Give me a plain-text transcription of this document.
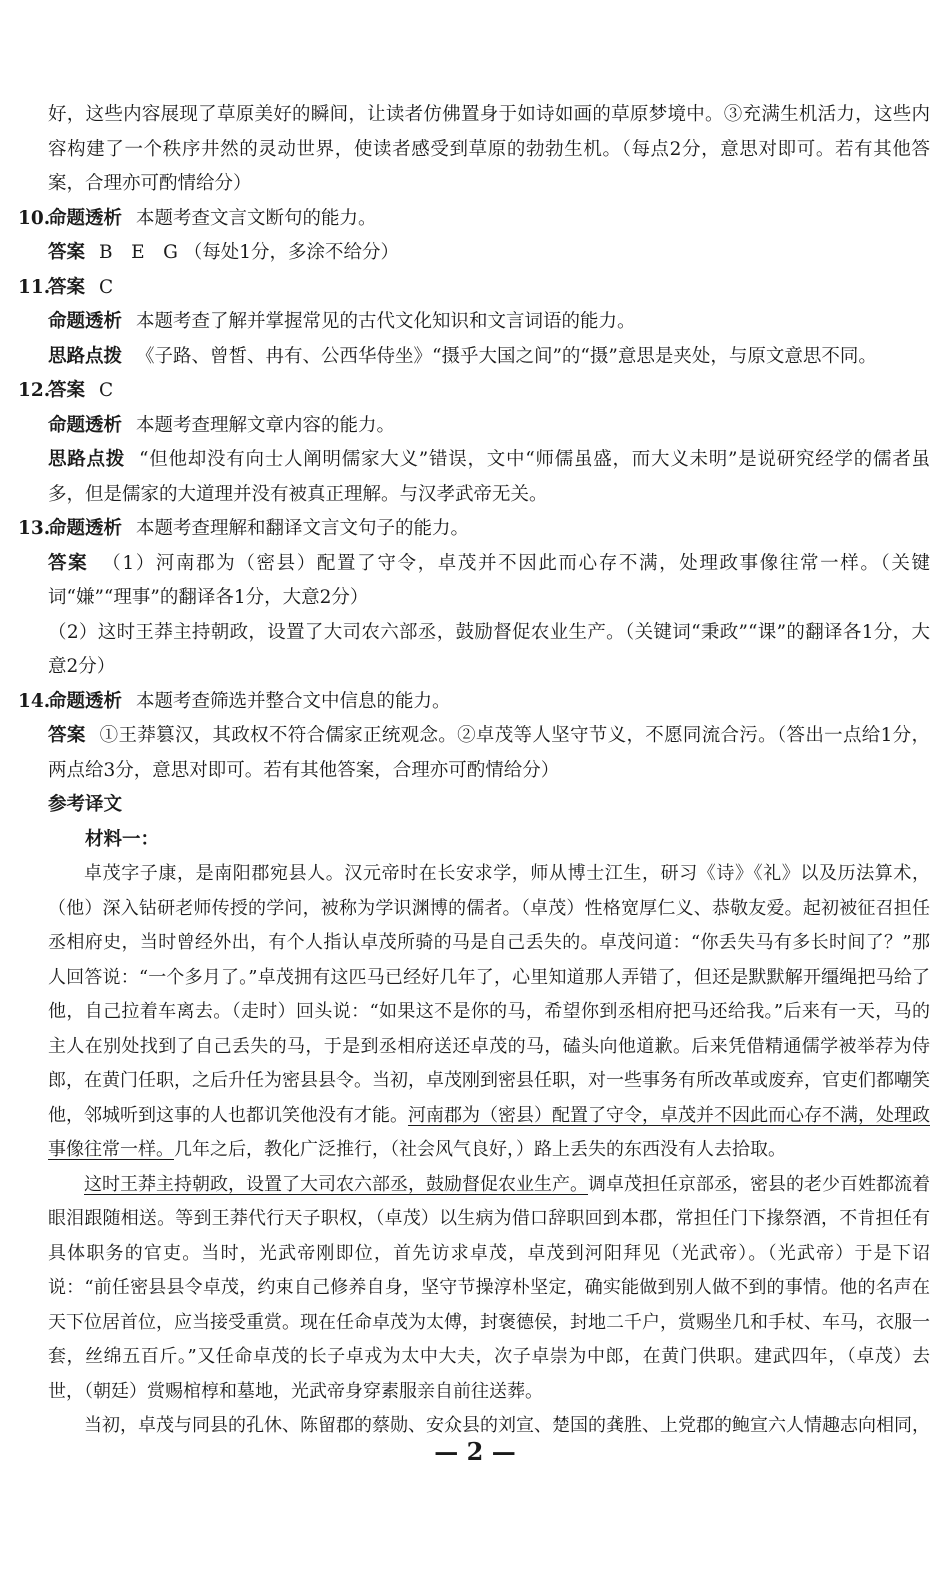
好，这些内容展现了草原美好的瞬间，让读者仿佛置身于如诗如画的草原梦境中。③充满生机活力，这些内容构建了一个秩序井然的灵动世界，使读者感受到草原的勃勃生机。（每点2分，意思对即可。若有其他答案，合理亦可酌情给分）

10.
命题透析 本题考查文言文断句的能力。

答案 B　E　G （每处1分，多涂不给分）

11.
答案 C

命题透析 本题考查了解并掌握常见的古代文化知识和文言词语的能力。

思路点拨 《子路、曾皙、冉有、公西华侍坐》“摄乎大国之间”的“摄”意思是夹处，与原文意思不同。

12.
答案 C

命题透析 本题考查理解文章内容的能力。

思路点拨 “但他却没有向士人阐明儒家大义”错误，文中“师儒虽盛，而大义未明”是说研究经学的儒者虽多，但是儒家的大道理并没有被真正理解。与汉孝武帝无关。

13.
命题透析 本题考查理解和翻译文言文句子的能力。

答案 （1）河南郡为（密县）配置了守令，卓茂并不因此而心存不满，处理政事像往常一样。（关键词“嫌”“理事”的翻译各1分，大意2分）

（2）这时王莽主持朝政，设置了大司农六部丞，鼓励督促农业生产。（关键词“秉政”“课”的翻译各1分，大意2分）

14.
命题透析 本题考查筛选并整合文中信息的能力。

答案 ①王莽篡汉，其政权不符合儒家正统观念。②卓茂等人坚守节义，不愿同流合污。（答出一点给1分，两点给3分，意思对即可。若有其他答案，合理亦可酌情给分）

参考译文

材料一：

卓茂字子康，是南阳郡宛县人。汉元帝时在长安求学，师从博士江生，研习《诗》《礼》以及历法算术，（他）深入钻研老师传授的学问，被称为学识渊博的儒者。（卓茂）性格宽厚仁义、恭敬友爱。起初被征召担任丞相府史，当时曾经外出，有个人指认卓茂所骑的马是自己丢失的。卓茂问道：“你丢失马有多长时间了？”那人回答说：“一个多月了。”卓茂拥有这匹马已经好几年了，心里知道那人弄错了，但还是默默解开缰绳把马给了他，自己拉着车离去。（走时）回头说：“如果这不是你的马，希望你到丞相府把马还给我。”后来有一天，马的主人在别处找到了自己丢失的马，于是到丞相府送还卓茂的马，磕头向他道歉。后来凭借精通儒学被举荐为侍郎，在黄门任职，之后升任为密县县令。当初，卓茂刚到密县任职，对一些事务有所改革或废弃，官吏们都嘲笑他，邻城听到这事的人也都讥笑他没有才能。河南郡为（密县）配置了守令，卓茂并不因此而心存不满，处理政事像往常一样。几年之后，教化广泛推行，（社会风气良好，）路上丢失的东西没有人去拾取。

这时王莽主持朝政，设置了大司农六部丞，鼓励督促农业生产。调卓茂担任京部丞，密县的老少百姓都流着眼泪跟随相送。等到王莽代行天子职权，（卓茂）以生病为借口辞职回到本郡，常担任门下掾祭酒，不肯担任有具体职务的官吏。当时，光武帝刚即位，首先访求卓茂，卓茂到河阳拜见（光武帝）。（光武帝）于是下诏说：“前任密县县令卓茂，约束自己修养自身，坚守节操淳朴坚定，确实能做到别人做不到的事情。他的名声在天下位居首位，应当接受重赏。现在任命卓茂为太傅，封褒德侯，封地二千户，赏赐坐几和手杖、车马，衣服一套，丝绵五百斤。”又任命卓茂的长子卓戎为太中大夫，次子卓崇为中郎，在黄门供职。建武四年，（卓茂）去世，（朝廷）赏赐棺椁和墓地，光武帝身穿素服亲自前往送葬。

当初，卓茂与同县的孔休、陈留郡的蔡勋、安众县的刘宣、楚国的龚胜、上党郡的鲍宣六人情趣志向相同，

— 2 —
